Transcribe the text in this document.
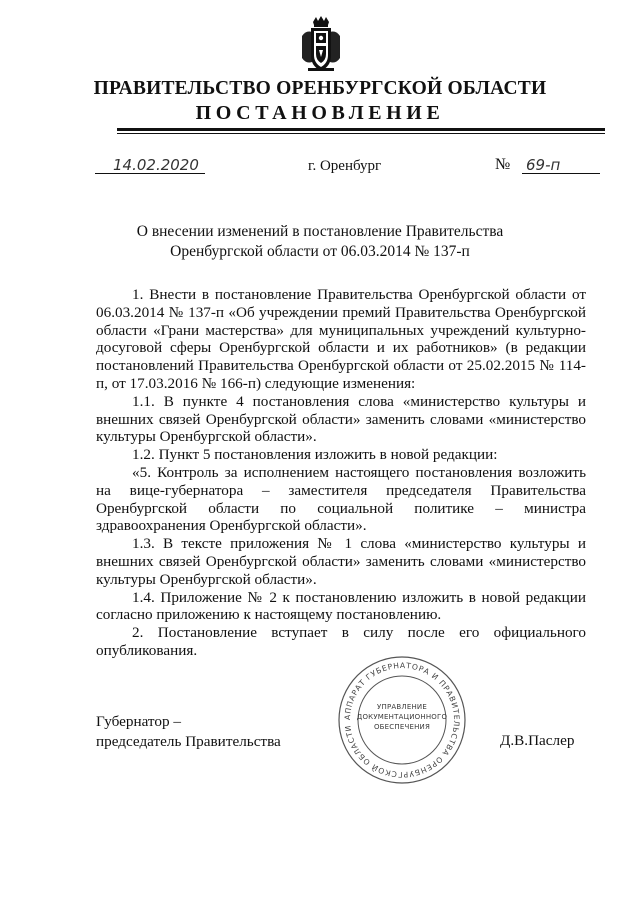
ПРАВИТЕЛЬСТВО ОРЕНБУРГСКОЙ ОБЛАСТИ
ПОСТАНОВЛЕНИЕ
14.02.2020	г. Оренбург	№ 69-п
О внесении изменений в постановление Правительства
Оренбургской области от 06.03.2014 № 137-п

1. Внести в постановление Правительства Оренбургской области от 06.03.2014 № 137-п «Об учреждении премий Правительства Оренбургской области «Грани мастерства» для муниципальных учреждений культурно-досуговой сферы Оренбургской области и их работников» (в редакции постановлений Правительства Оренбургской области от 25.02.2015 № 114-п, от 17.03.2016 № 166-п) следующие изменения:

1.1. В пункте 4 постановления слова «министерство культуры и внешних связей Оренбургской области» заменить словами «министерство культуры Оренбургской области».

1.2. Пункт 5 постановления изложить в новой редакции:

«5. Контроль за исполнением настоящего постановления возложить на вице-губернатора – заместителя председателя Правительства Оренбургской области по социальной политике – министра здравоохранения Оренбургской области».

1.3. В тексте приложения № 1 слова «министерство культуры и внешних связей Оренбургской области» заменить словами «министерство культуры Оренбургской области».

1.4. Приложение № 2 к постановлению изложить в новой редакции согласно приложению к настоящему постановлению.

2. Постановление вступает в силу после его официального опубликования.

АППАРАТ ГУБЕРНАТОРА И ПРАВИТЕЛЬСТВА ОРЕНБУРГСКОЙ ОБЛАСТИ
УПРАВЛЕНИЕ
ДОКУМЕНТАЦИОННОГО
ОБЕСПЕЧЕНИЯ
Губернатор –
председатель Правительства	Д.В.Паслер
